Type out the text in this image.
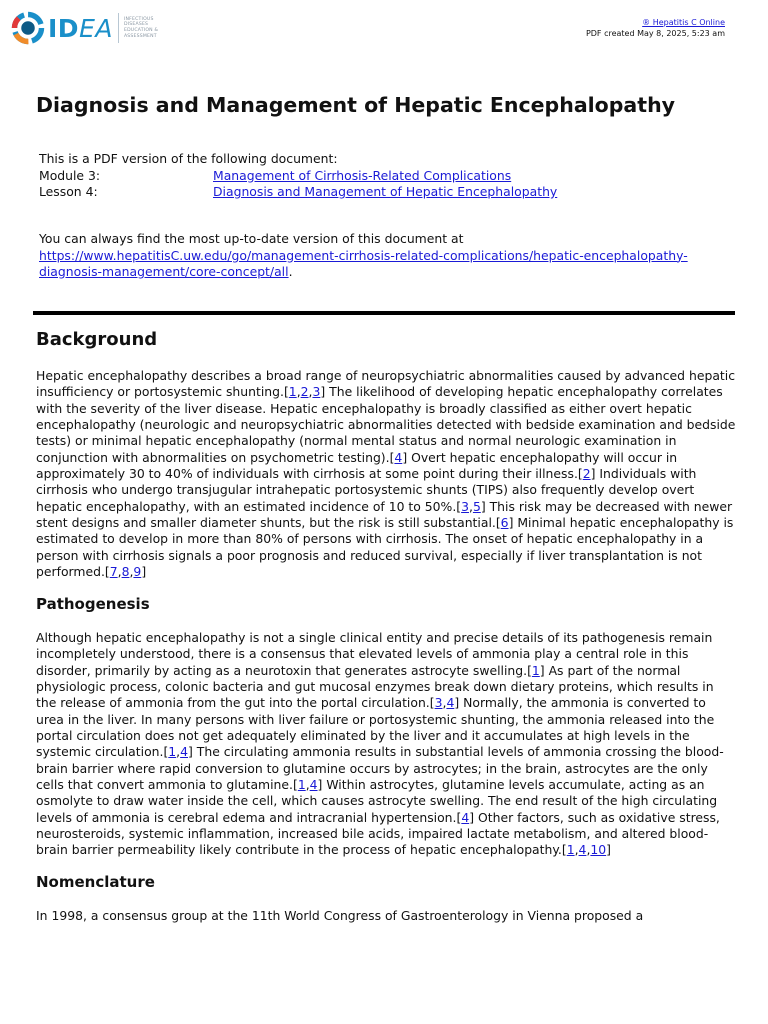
IDEA INFECTIOUS
DISEASES
EDUCATION &
ASSESSMENT
® Hepatitis C Online
PDF created May 8, 2025, 5:23 am
Diagnosis and Management of Hepatic Encephalopathy
This is a PDF version of the following document:
Module 3:	Management of Cirrhosis-Related Complications
Lesson 4:	Diagnosis and Management of Hepatic Encephalopathy
You can always find the most up-to-date version of this document at
https://www.hepatitisC.uw.edu/go/management-cirrhosis-related-complications/hepatic-encephalopathy-
diagnosis-management/core-concept/all.
Background

Hepatic encephalopathy describes a broad range of neuropsychiatric abnormalities caused by advanced hepatic insufficiency or portosystemic shunting.[1,2,3] The likelihood of developing hepatic encephalopathy correlates with the severity of the liver disease. Hepatic encephalopathy is broadly classified as either overt hepatic encephalopathy (neurologic and neuropsychiatric abnormalities detected with bedside examination and bedside tests) or minimal hepatic encephalopathy (normal mental status and normal neurologic examination in conjunction with abnormalities on psychometric testing).[4] Overt hepatic encephalopathy will occur in approximately 30 to 40% of individuals with cirrhosis at some point during their illness.[2] Individuals with cirrhosis who undergo transjugular intrahepatic portosystemic shunts (TIPS) also frequently develop overt hepatic encephalopathy, with an estimated incidence of 10 to 50%.[3,5] This risk may be decreased with newer stent designs and smaller diameter shunts, but the risk is still substantial.[6] Minimal hepatic encephalopathy is estimated to develop in more than 80% of persons with cirrhosis. The onset of hepatic encephalopathy in a person with cirrhosis signals a poor prognosis and reduced survival, especially if liver transplantation is not performed.[7,8,9]

Pathogenesis

Although hepatic encephalopathy is not a single clinical entity and precise details of its pathogenesis remain incompletely understood, there is a consensus that elevated levels of ammonia play a central role in this disorder, primarily by acting as a neurotoxin that generates astrocyte swelling.[1] As part of the normal physiologic process, colonic bacteria and gut mucosal enzymes break down dietary proteins, which results in the release of ammonia from the gut into the portal circulation.[3,4] Normally, the ammonia is converted to urea in the liver. In many persons with liver failure or portosystemic shunting, the ammonia released into the portal circulation does not get adequately eliminated by the liver and it accumulates at high levels in the systemic circulation.[1,4] The circulating ammonia results in substantial levels of ammonia crossing the blood-brain barrier where rapid conversion to glutamine occurs by astrocytes; in the brain, astrocytes are the only cells that convert ammonia to glutamine.[1,4] Within astrocytes, glutamine levels accumulate, acting as an osmolyte to draw water inside the cell, which causes astrocyte swelling. The end result of the high circulating levels of ammonia is cerebral edema and intracranial hypertension.[4] Other factors, such as oxidative stress, neurosteroids, systemic inflammation, increased bile acids, impaired lactate metabolism, and altered blood-brain barrier permeability likely contribute in the process of hepatic encephalopathy.[1,4,10]

Nomenclature

In 1998, a consensus group at the 11th World Congress of Gastroenterology in Vienna proposed a
